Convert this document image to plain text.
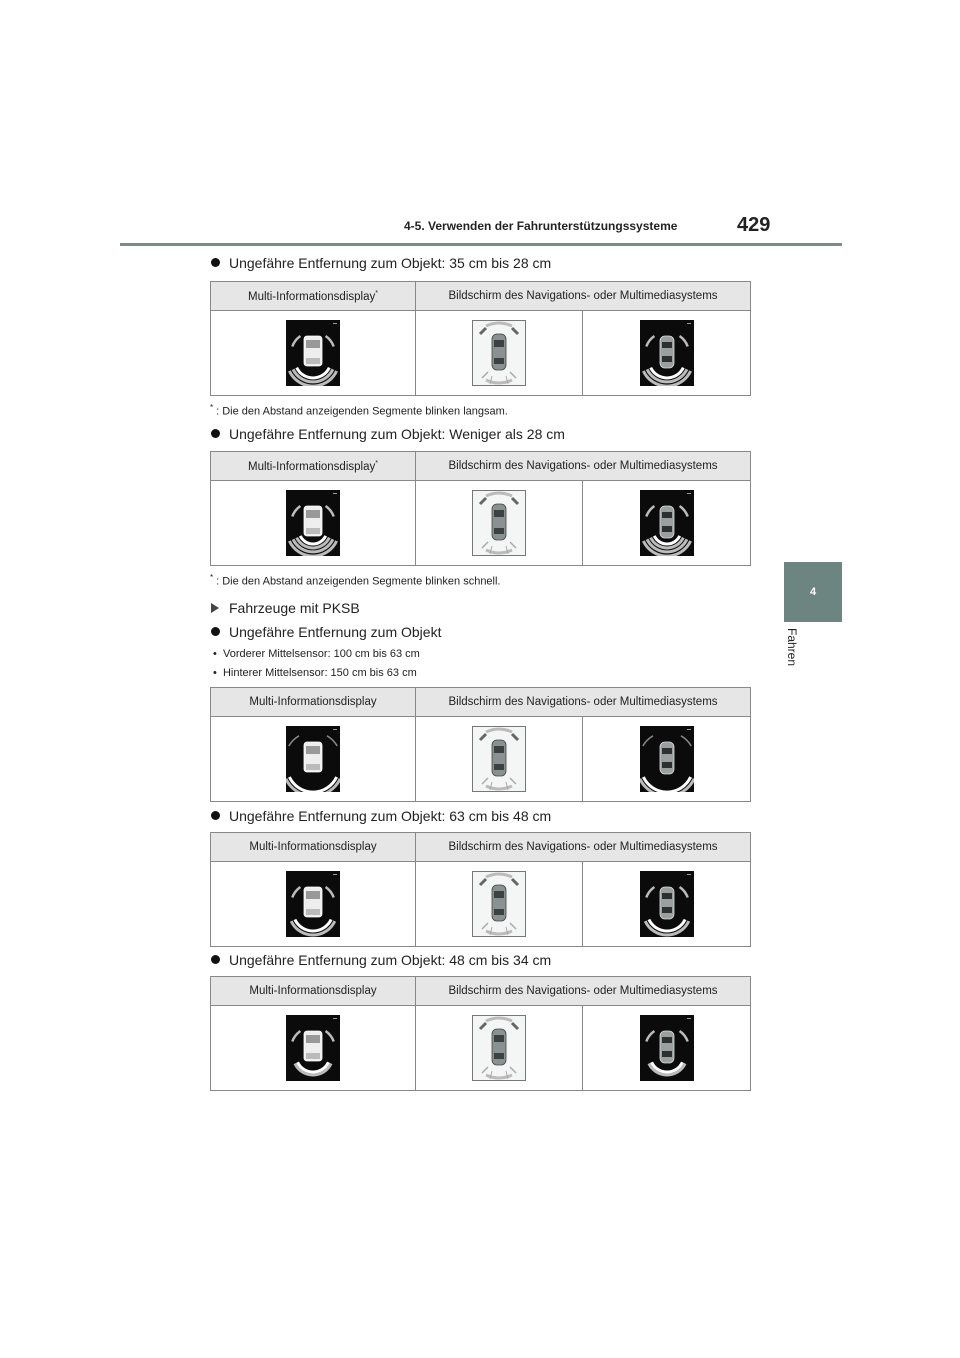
4-5. Verwenden der Fahrunterstützungssysteme	429
4
Fahren
Ungefähre Entfernung zum Objekt: 35 cm bis 28 cm
Multi-Informationsdisplay*	Bildschirm des Navigations- oder Multimediasystems	

* : Die den Abstand anzeigenden Segmente blinken langsam.
Ungefähre Entfernung zum Objekt: Weniger als 28 cm
Multi-Informationsdisplay*	Bildschirm des Navigations- oder Multimediasystems	

* : Die den Abstand anzeigenden Segmente blinken schnell.
Fahrzeuge mit PKSB
Ungefähre Entfernung zum Objekt
•  Vorderer Mittelsensor: 100 cm bis 63 cm
•  Hinterer Mittelsensor: 150 cm bis 63 cm
Multi-Informationsdisplay	Bildschirm des Navigations- oder Multimediasystems	

Ungefähre Entfernung zum Objekt: 63 cm bis 48 cm
Multi-Informationsdisplay	Bildschirm des Navigations- oder Multimediasystems	

Ungefähre Entfernung zum Objekt: 48 cm bis 34 cm
Multi-Informationsdisplay	Bildschirm des Navigations- oder Multimediasystems	
